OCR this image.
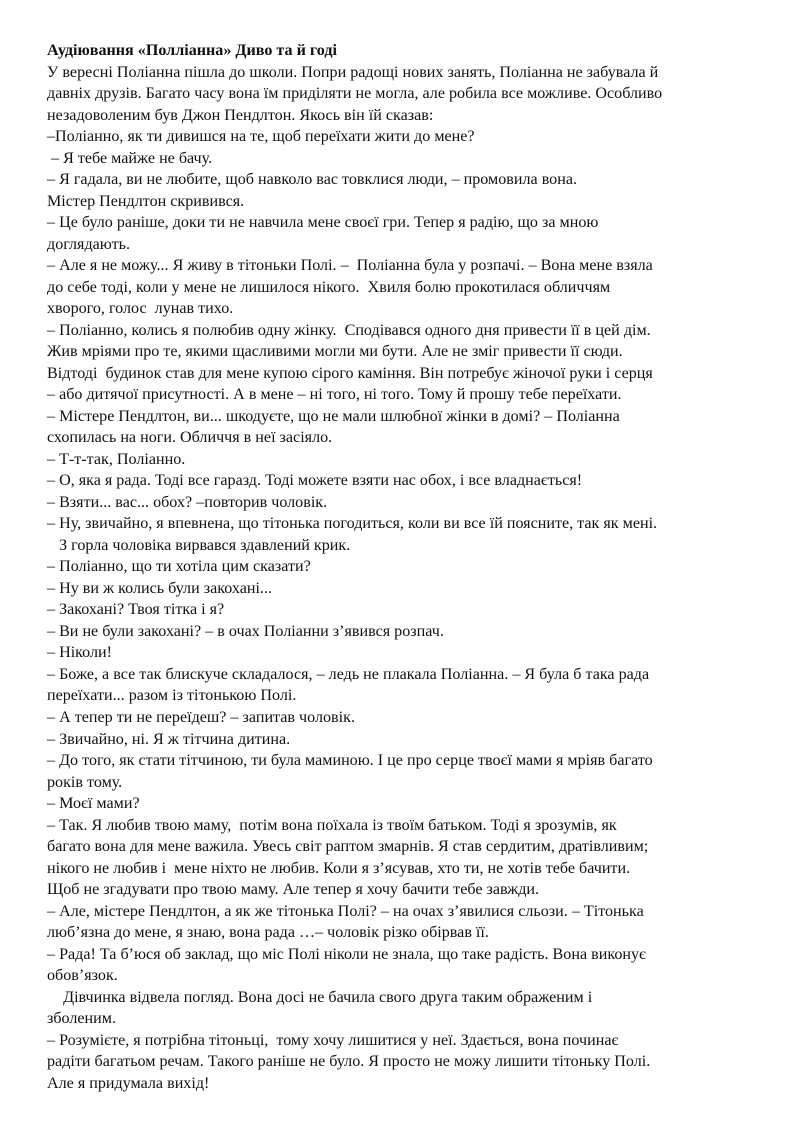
Аудіювання «Полліанна» Диво та й годі
У вересні Поліанна пішла до школи. Попри радощі нових занять, Поліанна не забувала й
давніх друзів. Багато часу вона їм приділяти не могла, але робила все можливе. Особливо
незадоволеним був Джон Пендлтон. Якось він їй сказав:
–Поліанно, як ти дивишся на те, щоб переїхати жити до мене?
– Я тебе майже не бачу.
– Я гадала, ви не любите, щоб навколо вас товклися люди, – промовила вона.
Містер Пендлтон скривився.
– Це було раніше, доки ти не навчила мене своєї гри. Тепер я радію, що за мною
доглядають.
– Але я не можу... Я живу в тітоньки Полі. –  Поліанна була у розпачі. – Вона мене взяла
до себе тоді, коли у мене не лишилося нікого.  Хвиля болю прокотилася обличчям
хворого, голос  лунав тихо.
– Поліанно, колись я полюбив одну жінку.  Сподівався одного дня привести її в цей дім.
Жив мріями про те, якими щасливими могли ми бути. Але не зміг привести її сюди.
Відтоді  будинок став для мене купою сірого каміння. Він потребує жіночої руки і серця
– або дитячої присутності. А в мене – ні того, ні того. Тому й прошу тебе переїхати.
– Містере Пендлтон, ви... шкодуєте, що не мали шлюбної жінки в домі? – Поліанна
схопилась на ноги. Обличчя в неї засіяло.
– Т-т-так, Поліанно.
– О, яка я рада. Тоді все гаразд. Тоді можете взяти нас обох, і все владнається!
– Взяти... вас... обох? –повторив чоловік.
– Ну, звичайно, я впевнена, що тітонька погодиться, коли ви все їй поясните, так як мені.
З горла чоловіка вирвався здавлений крик.
– Поліанно, що ти хотіла цим сказати?
– Ну ви ж колись були закохані...
– Закохані? Твоя тітка і я?
– Ви не були закохані? – в очах Поліанни з’явився розпач.
– Ніколи!
– Боже, а все так блискуче складалося, – ледь не плакала Поліанна. – Я була б така рада
переїхати... разом із тітонькою Полі.
– А тепер ти не переїдеш? – запитав чоловік.
– Звичайно, ні. Я ж тітчина дитина.
– До того, як стати тітчиною, ти була маминою. І це про серце твоєї мами я мріяв багато
років тому.
– Моєї мами?
– Так. Я любив твою маму,  потім вона поїхала із твоїм батьком. Тоді я зрозумів, як
багато вона для мене важила. Увесь світ раптом змарнів. Я став сердитим, дратівливим;
нікого не любив і  мене ніхто не любив. Коли я з’ясував, хто ти, не хотів тебе бачити.
Щоб не згадувати про твою маму. Але тепер я хочу бачити тебе завжди.
– Але, містере Пендлтон, а як же тітонька Полі? – на очах з’явилися сльози. – Тітонька
люб’язна до мене, я знаю, вона рада …– чоловік різко обірвав її.
– Рада! Та б’юся об заклад, що міс Полі ніколи не знала, що таке радість. Вона виконує
обов’язок.
Дівчинка відвела погляд. Вона досі не бачила свого друга таким ображеним і
зболеним.
– Розумієте, я потрібна тітоньці,  тому хочу лишитися у неї. Здається, вона починає
радіти багатьом речам. Такого раніше не було. Я просто не можу лишити тітоньку Полі.
Але я придумала вихід!
